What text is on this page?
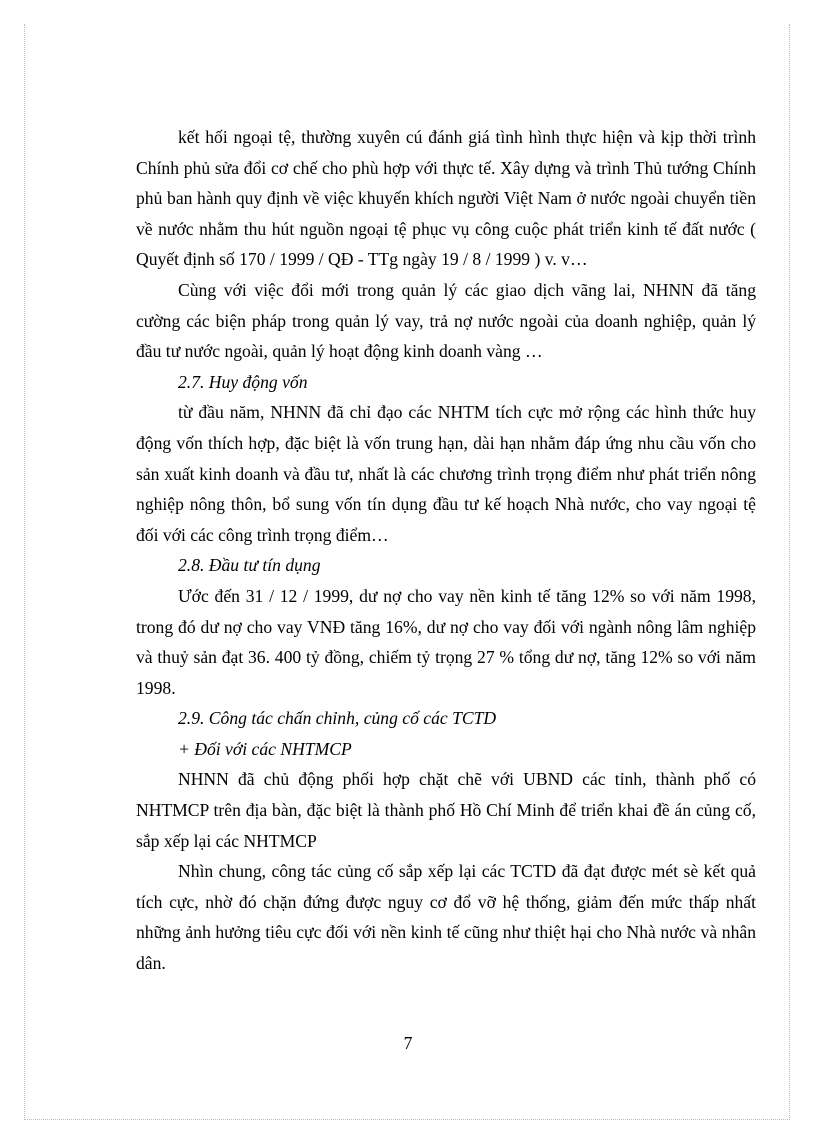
kết hối ngoại tệ, thường xuyên cú đánh giá tình hình thực hiện và kịp thời trình Chính phủ sửa đổi cơ chế cho phù hợp với thực tế. Xây dựng và trình Thủ tướng Chính phủ ban hành quy định về việc khuyến khích người Việt Nam ở nước ngoài chuyển tiền về nước nhằm thu hút nguồn ngoại tệ phục vụ công cuộc phát triển kinh tế đất nước ( Quyết định số 170 / 1999 / QĐ - TTg ngày 19 / 8 / 1999 ) v. v…

Cùng với việc đổi mới trong quản lý các giao dịch vãng lai, NHNN đã tăng cường các biện pháp trong quản lý vay, trả nợ nước ngoài của doanh nghiệp, quản lý đầu tư nước ngoài, quản lý hoạt động kinh doanh vàng …

2.7. Huy động vốn

từ đầu năm, NHNN đã chỉ đạo các NHTM tích cực mở rộng các hình thức huy động vốn thích hợp, đặc biệt là vốn trung hạn, dài hạn nhằm đáp ứng nhu cầu vốn cho sản xuất kinh doanh và đầu tư, nhất là các chương trình trọng điểm như phát triển nông nghiệp nông thôn, bổ sung vốn tín dụng đầu tư kế hoạch Nhà nước, cho vay ngoại tệ đối với các công trình trọng điểm…

2.8. Đầu tư tín dụng

Ước đến 31 / 12 / 1999, dư nợ cho vay nền kinh tế tăng 12% so với năm 1998, trong đó dư nợ cho vay VNĐ tăng 16%, dư nợ cho vay đối với ngành nông lâm nghiệp và thuỷ sản đạt 36. 400 tỷ đồng, chiếm tỷ trọng 27 % tổng dư nợ, tăng 12% so với năm 1998.

2.9. Công tác chấn chỉnh, củng cố các TCTD

+ Đối với các NHTMCP

NHNN đã chủ động phối hợp chặt chẽ với UBND các tỉnh, thành phố có NHTMCP trên địa bàn, đặc biệt là thành phố Hồ Chí Minh để triển khai đề án củng cố, sắp xếp lại các NHTMCP

Nhìn chung, công tác củng cố sắp xếp lại các TCTD đã đạt được mét sè kết quả tích cực, nhờ đó chặn đứng được nguy cơ đổ vỡ hệ thống, giảm đến mức thấp nhất những ảnh hưởng tiêu cực đối với nền kinh tế cũng như thiệt hại cho Nhà nước và nhân dân.

7
